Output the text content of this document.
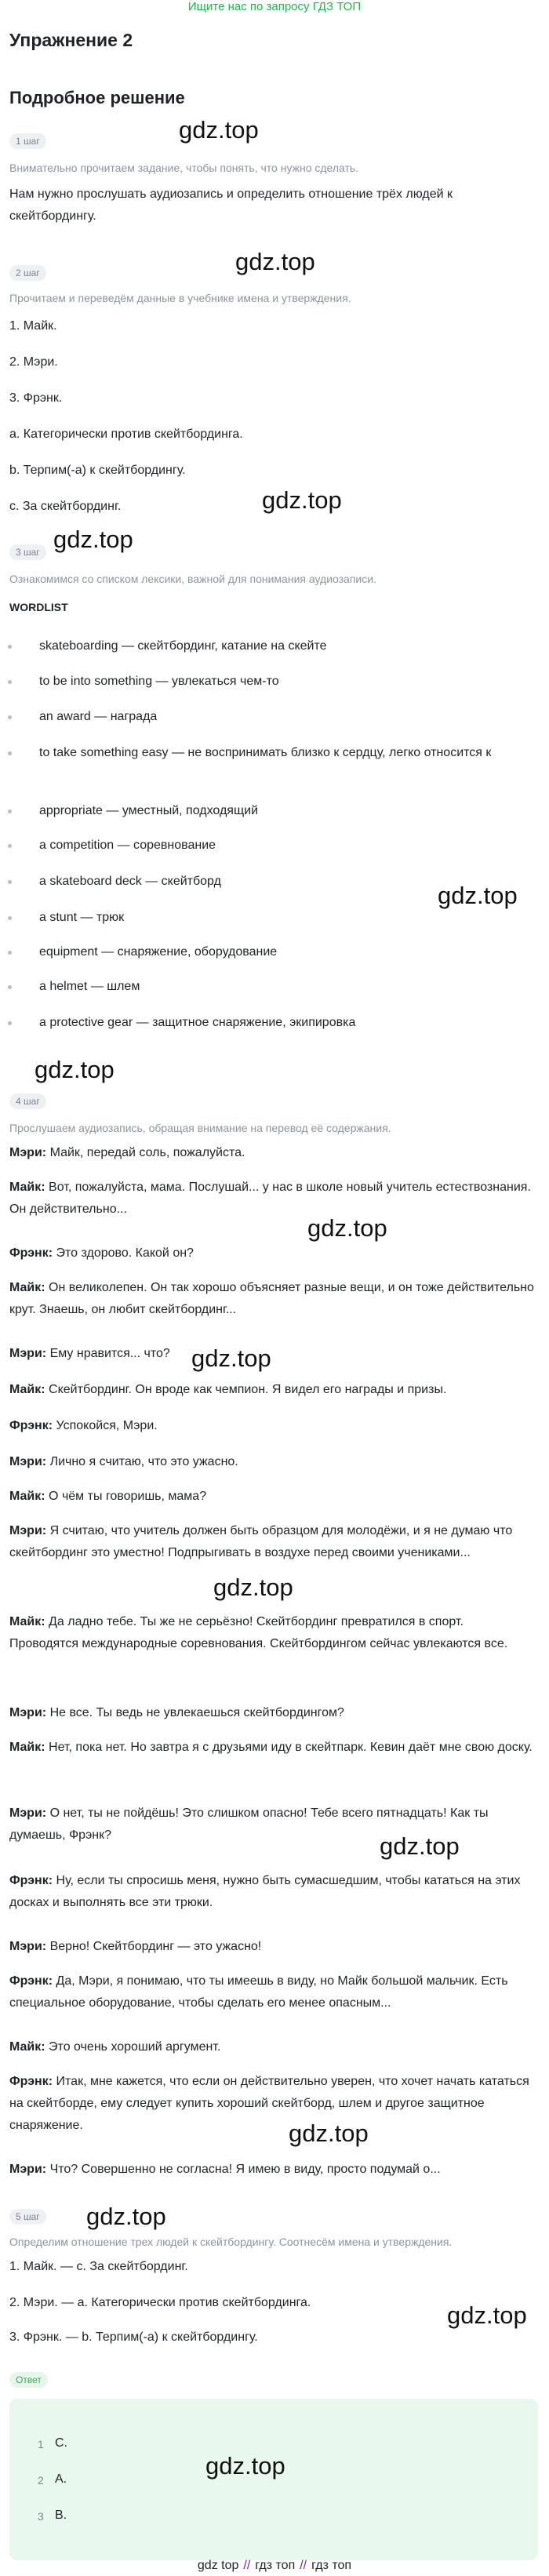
Ищите нас по запросу ГДЗ ТОП
Упражнение 2
Подробное решение
1 шаг
Внимательно прочитаем задание, чтобы понять, что нужно сделать.
Нам нужно прослушать аудиозапись и определить отношение трёх людей к скейтбордингу.
2 шаг
Прочитаем и переведём данные в учебнике имена и утверждения.
1. Майк.
2. Мэри.
3. Фрэнк.
a. Категорически против скейтбординга.
b. Терпим(-а) к скейтбордингу.
c. За скейтбординг.
3 шаг
Ознакомимся со списком лексики, важной для понимания аудиозаписи.
WORDLIST
skateboarding — скейтбординг, катание на скейте
to be into something — увлекаться чем-то
an award — награда
to take something easy — не воспринимать близко к сердцу, легко относится к
appropriate — уместный, подходящий
a competition — соревнование
a skateboard deck — скейтборд
a stunt — трюк
equipment — снаряжение, оборудование
a helmet — шлем
a protective gear — защитное снаряжение, экипировка
4 шаг
Прослушаем аудиозапись, обращая внимание на перевод её содержания.
Мэри: Майк, передай соль, пожалуйста.
Майк: Вот, пожалуйста, мама. Послушай... у нас в школе новый учитель естествознания. Он действительно...
Фрэнк: Это здорово. Какой он?
Майк: Он великолепен. Он так хорошо объясняет разные вещи, и он тоже действительно крут. Знаешь, он любит скейтбординг...
Мэри: Ему нравится... что?
Майк: Скейтбординг. Он вроде как чемпион. Я видел его награды и призы.
Фрэнк: Успокойся, Мэри.
Мэри: Лично я считаю, что это ужасно.
Майк: О чём ты говоришь, мама?
Мэри: Я считаю, что учитель должен быть образцом для молодёжи, и я не думаю что скейтбординг это уместно! Подпрыгивать в воздухе перед своими учениками...
Майк: Да ладно тебе. Ты же не серьёзно! Скейтбординг превратился в спорт. Проводятся международные соревнования. Скейтбордингом сейчас увлекаются все.
Мэри: Не все. Ты ведь не увлекаешься скейтбордингом?
Майк: Нет, пока нет. Но завтра я с друзьями иду в скейтпарк. Кевин даёт мне свою доску.
Мэри: О нет, ты не пойдёшь! Это слишком опасно! Тебе всего пятнадцать! Как ты думаешь, Фрэнк?
Фрэнк: Ну, если ты спросишь меня, нужно быть сумасшедшим, чтобы кататься на этих досках и выполнять все эти трюки.
Мэри: Верно! Скейтбординг — это ужасно!
Фрэнк: Да, Мэри, я понимаю, что ты имеешь в виду, но Майк большой мальчик. Есть специальное оборудование, чтобы сделать его менее опасным...
Майк: Это очень хороший аргумент.
Фрэнк: Итак, мне кажется, что если он действительно уверен, что хочет начать кататься на скейтборде, ему следует купить хороший скейтборд, шлем и другое защитное снаряжение.
Мэри: Что? Совершенно не согласна! Я имею в виду, просто подумай о...
5 шаг
Определим отношение трех людей к скейтбордингу. Соотнесём имена и утверждения.
1. Майк. — c. За скейтбординг.
2. Мэри. — a. Категорически против скейтбординга.
3. Фрэнк. — b. Терпим(-а) к скейтбордингу.
Ответ
1 C.
2 A.
3 B.
gdz.top
gdz.top
gdz.top
gdz.top
gdz.top
gdz.top
gdz.top
gdz.top
gdz.top
gdz.top
gdz.top
gdz.top
gdz.top
gdz.top
gdz top // гдз топ // гдз топ
